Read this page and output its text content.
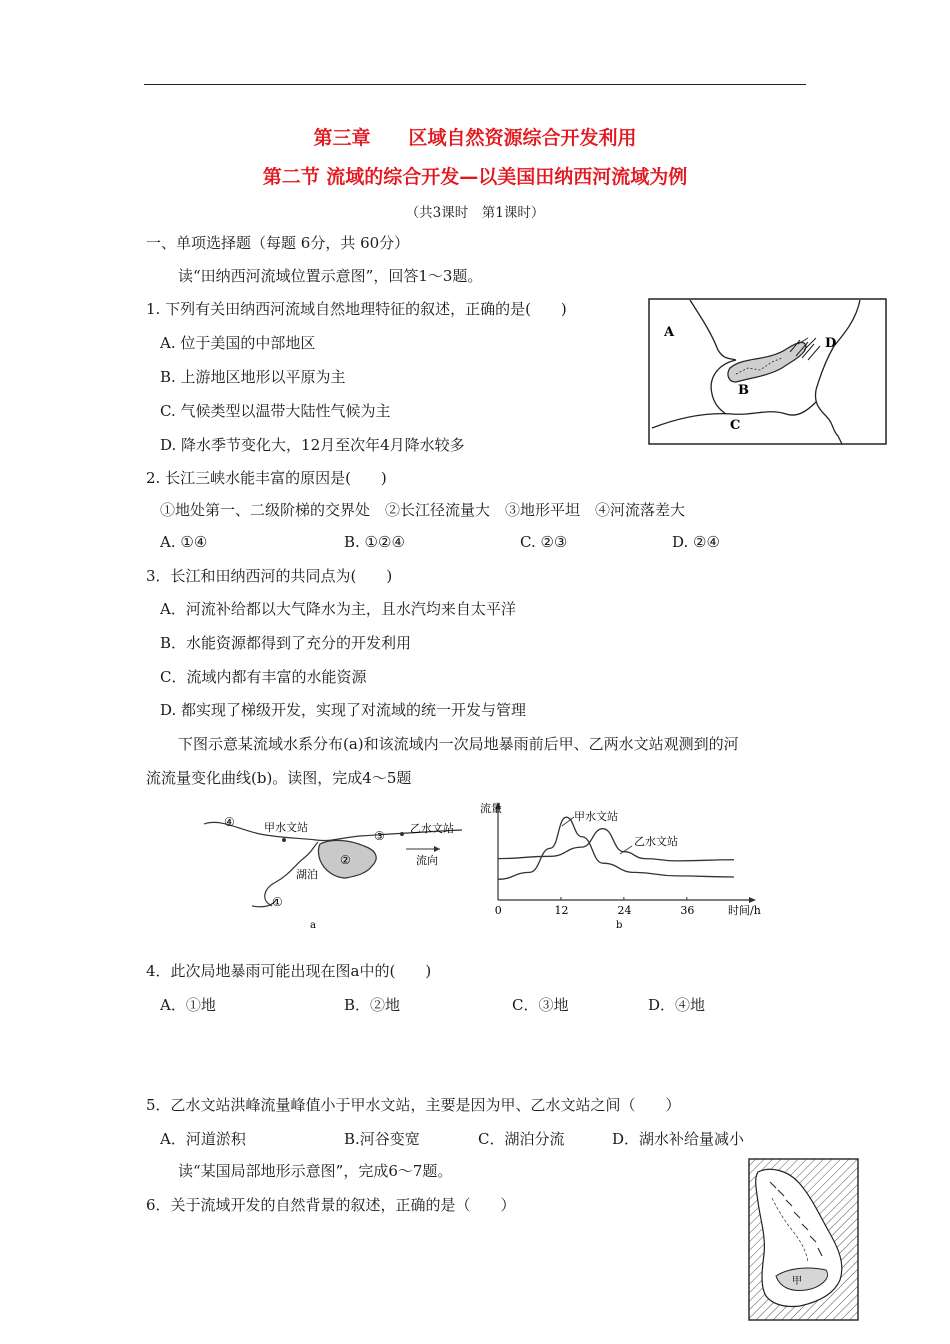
第三章　　区域自然资源综合开发利用
第二节 流域的综合开发—以美国田纳西河流域为例
（共3课时　第1课时）
一、单项选择题（每题 6分，共 60分）
读“田纳西河流域位置示意图”，回答1～3题。
1. 下列有关田纳西河流域自然地理特征的叙述，正确的是(　　)
A. 位于美国的中部地区
B. 上游地区地形以平原为主
C. 气候类型以温带大陆性气候为主
D. 降水季节变化大，12月至次年4月降水较多
A
B
C
D
2. 长江三峡水能丰富的原因是(　　)
①地处第一、二级阶梯的交界处　②长江径流量大　③地形平坦　④河流落差大
A. ①④	B. ①②④	C. ②③	D. ②④
3．长江和田纳西河的共同点为(　　)
A．河流补给都以大气降水为主，且水汽均来自太平洋
B．水能资源都得到了充分的开发利用
C．流域内都有丰富的水能资源
D. 都实现了梯级开发，实现了对流域的统一开发与管理
下图示意某流域水系分布(a)和该流域内一次局地暴雨前后甲、乙两水文站观测到的河
流流量变化曲线(b)。读图，完成4～5题
甲水文站	乙水文站
湖泊
流向
④
③
②
①
a
流量
时间/h
0	12	24	36
甲水文站
乙水文站
b
4．此次局地暴雨可能出现在图a中的(　　)
A．①地	B．②地	C．③地	D．④地
5．乙水文站洪峰流量峰值小于甲水文站，主要是因为甲、乙水文站之间（　　）
A．河道淤积	B.河谷变宽	C．湖泊分流	D．湖水补给量减小
读“某国局部地形示意图”，完成6～7题。
6．关于流域开发的自然背景的叙述，正确的是（　　）
甲
